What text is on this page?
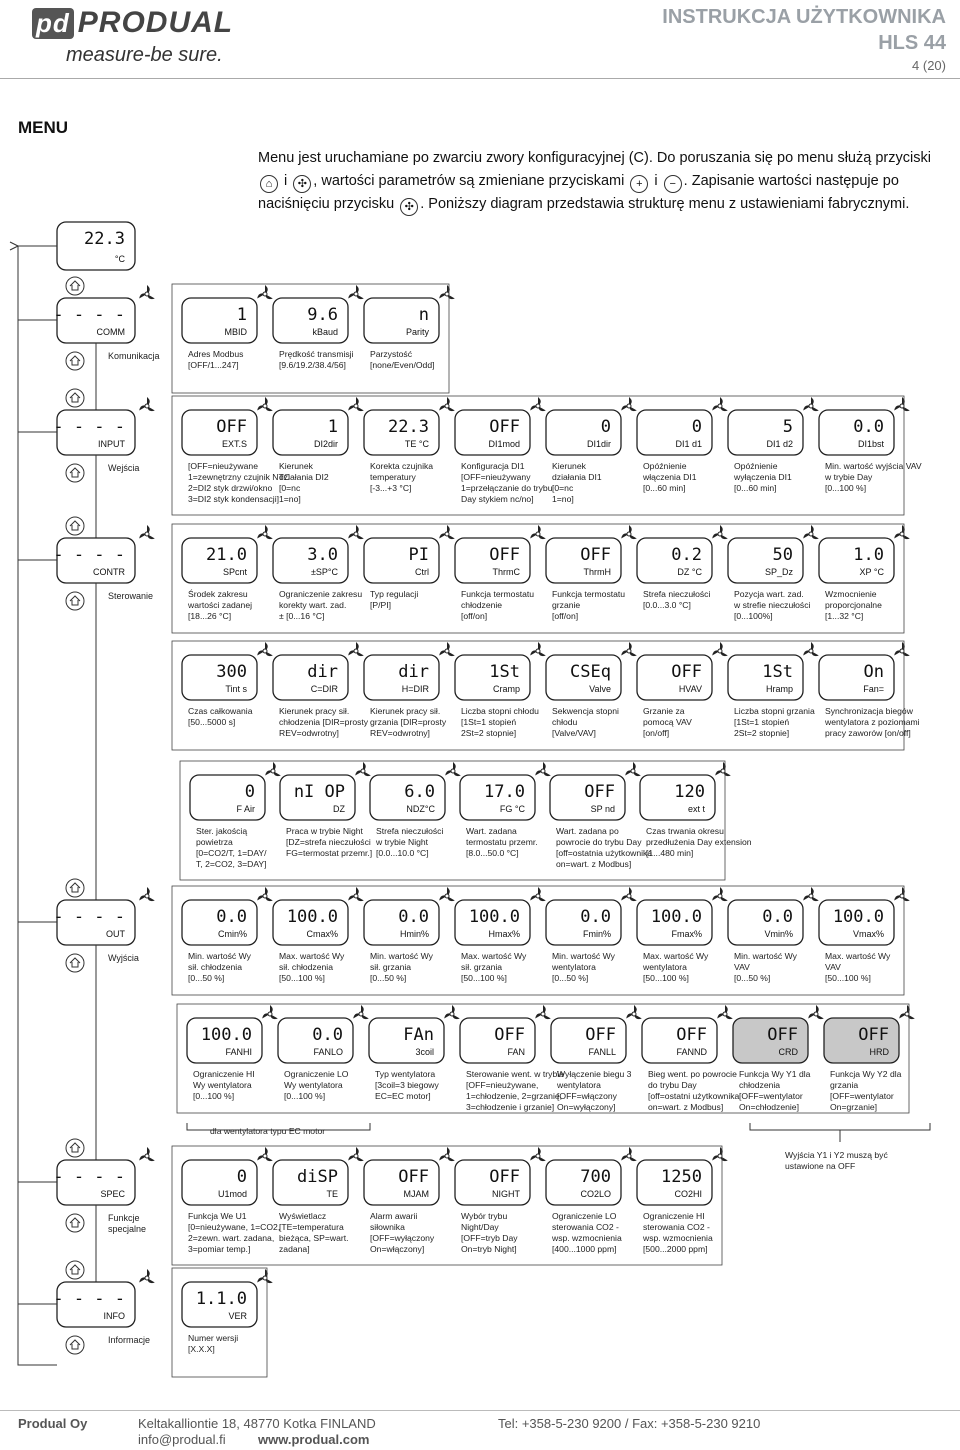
pd PRODUAL
measure-be sure.
INSTRUKCJA UŻYTKOWNIKA
HLS 44
4 (20)
MENU
Menu jest uruchamiane po zwarciu zwory konfiguracyjnej (C). Do poruszania się po menu służą przyciski
⌂ i ✣ , wartości parametrów są zmieniane przyciskami + i − . Zapisanie wartości następuje po
naciśnięciu przycisku ✣ . Poniższy diagram przedstawia strukturę menu z ustawieniami fabrycznymi.
22.3
°C
- - - -
COMM
Komunikacja
1
MBID
Adres Modbus
[OFF/1...247]
9.6
kBaud
Prędkość transmisji
[9.6/19.2/38.4/56]
n
Parity
Parzystość
[none/Even/Odd]
- - - -
INPUT
Wejścia
OFF
EXT.S
[OFF=nieużywane
1=zewnętrzny czujnik NTC
2=DI2 styk drzwi/okno
3=DI2 styk kondensacji]
1
DI2dir
Kierunek
działania DI2
[0=nc
1=no]
22.3
TE °C
Korekta czujnika
temperatury
[-3...+3 °C]
OFF
DI1mod
Konfiguracja DI1
[OFF=nieużywany
1=przełączanie do trybu
Day stykiem nc/no]
0
DI1dir
Kierunek
działania DI1
[0=nc
1=no]
0
DI1 d1
Opóźnienie
włączenia DI1
[0...60 min]
5
DI1 d2
Opóźnienie
wyłączenia DI1
[0...60 min]
0.0
DI1bst
Min. wartość wyjścia VAV
w trybie Day
[0...100 %]
- - - -
CONTR
Sterowanie
21.0
SPcnt
Środek zakresu
wartości zadanej
[18...26 °C]
3.0
±SP°C
Ograniczenie zakresu
korekty wart. zad.
± [0...16 °C]
PI
Ctrl
Typ regulacji
[P/PI]
OFF
ThrmC
Funkcja termostatu
chłodzenie
[off/on]
OFF
ThrmH
Funkcja termostatu
grzanie
[off/on]
0.2
DZ °C
Strefa nieczułości
[0.0...3.0 °C]
50
SP_Dz
Pozycja wart. zad.
w strefie nieczułości
[0...100%]
1.0
XP °C
Wzmocnienie
proporcjonalne
[1...32 °C]
300
Tint s
Czas całkowania
[50...5000 s]
dir
C=DIR
Kierunek pracy sił.
chłodzenia [DIR=prosty
REV=odwrotny]
dir
H=DIR
Kierunek pracy sił.
grzania [DIR=prosty
REV=odwrotny]
1St
Cramp
Liczba stopni chłodu
[1St=1 stopień
2St=2 stopnie]
CSEq
Valve
Sekwencja stopni
chłodu
[Valve/VAV]
OFF
HVAV
Grzanie za
pomocą VAV
[on/off]
1St
Hramp
Liczba stopni grzania
[1St=1 stopień
2St=2 stopnie]
On
Fan=
Synchronizacja biegów
wentylatora z poziomami
pracy zaworów [on/off]
0
F Air
Ster. jakością
powietrza
[0=CO2/T, 1=DAY/
T, 2=CO2, 3=DAY]
nI OP
DZ
Praca w trybie Night
[DZ=strefa nieczułości
FG=termostat przemr.]
6.0
NDZ°C
Strefa nieczułości
w trybie Night
[0.0...10.0 °C]
17.0
FG °C
Wart. zadana
termostatu przemr.
[8.0...50.0 °C]
OFF
SP nd
Wart. zadana po
powrocie do trybu Day
[off=ostatnia użytkownika
on=wart. z Modbus]
120
ext t
Czas trwania okresu
przedłużenia Day extension
[1...480 min]
- - - -
OUT
Wyjścia
0.0
Cmin%
Min. wartość Wy
sił. chłodzenia
[0...50 %]
100.0
Cmax%
Max. wartość Wy
sił. chłodzenia
[50...100 %]
0.0
Hmin%
Min. wartość Wy
sił. grzania
[0...50 %]
100.0
Hmax%
Max. wartość Wy
sił. grzania
[50...100 %]
0.0
Fmin%
Min. wartość Wy
wentylatora
[0...50 %]
100.0
Fmax%
Max. wartość Wy
wentylatora
[50...100 %]
0.0
Vmin%
Min. wartość Wy
VAV
[0...50 %]
100.0
Vmax%
Max. wartość Wy
VAV
[50...100 %]
100.0
FANHI
Ograniczenie HI
Wy wentylatora
[0...100 %]
0.0
FANLO
Ograniczenie LO
Wy wentylatora
[0...100 %]
FAn
3coil
Typ wentylatora
[3coil=3 biegowy
EC=EC motor]
OFF
FAN
Sterowanie went. w trybie
[OFF=nieużywane,
1=chłodzenie, 2=grzanie,
3=chłodzenie i grzanie]
OFF
FANLL
Wyłączenie biegu 3
wentylatora
[OFF=włączony
On=wyłączony]
OFF
FANND
Bieg went. po powrocie
do trybu Day
[off=ostatni użytkownika
on=wart. z Modbus]
OFF
CRD
Funkcja Wy Y1 dla
chłodzenia
[OFF=wentylator
On=chłodzenie]
OFF
HRD
Funkcja Wy Y2 dla
grzania
[OFF=wentylator
On=grzanie]
- - - -
SPEC
Funkcje
specjalne
0
U1mod
Funkcja We U1
[0=nieużywane, 1=CO2,
2=zewn. wart. zadana,
3=pomiar temp.]
diSP
TE
Wyświetlacz
[TE=temperatura
bieżąca, SP=wart.
zadana]
OFF
MJAM
Alarm awarii
siłownika
[OFF=wyłączony
On=włączony]
OFF
NIGHT
Wybór trybu
Night/Day
[OFF=tryb Day
On=tryb Night]
700
CO2LO
Ograniczenie LO
sterowania CO2 -
wsp. wzmocnienia
[400...1000 ppm]
1250
CO2HI
Ograniczenie HI
sterowania CO2 -
wsp. wzmocnienia
[500...2000 ppm]
- - - -
INFO
Informacje
1.1.0
VER
Numer wersji
[X.X.X]
dla wentylatora typu EC motor
Wyjścia Y1 i Y2 muszą być
ustawione na OFF
Produal Oy	Keltakalliontie 18, 48770 Kotka FINLAND	Tel: +358-5-230 9200 / Fax: +358-5-230 9210
info@produal.fi www.produal.com
